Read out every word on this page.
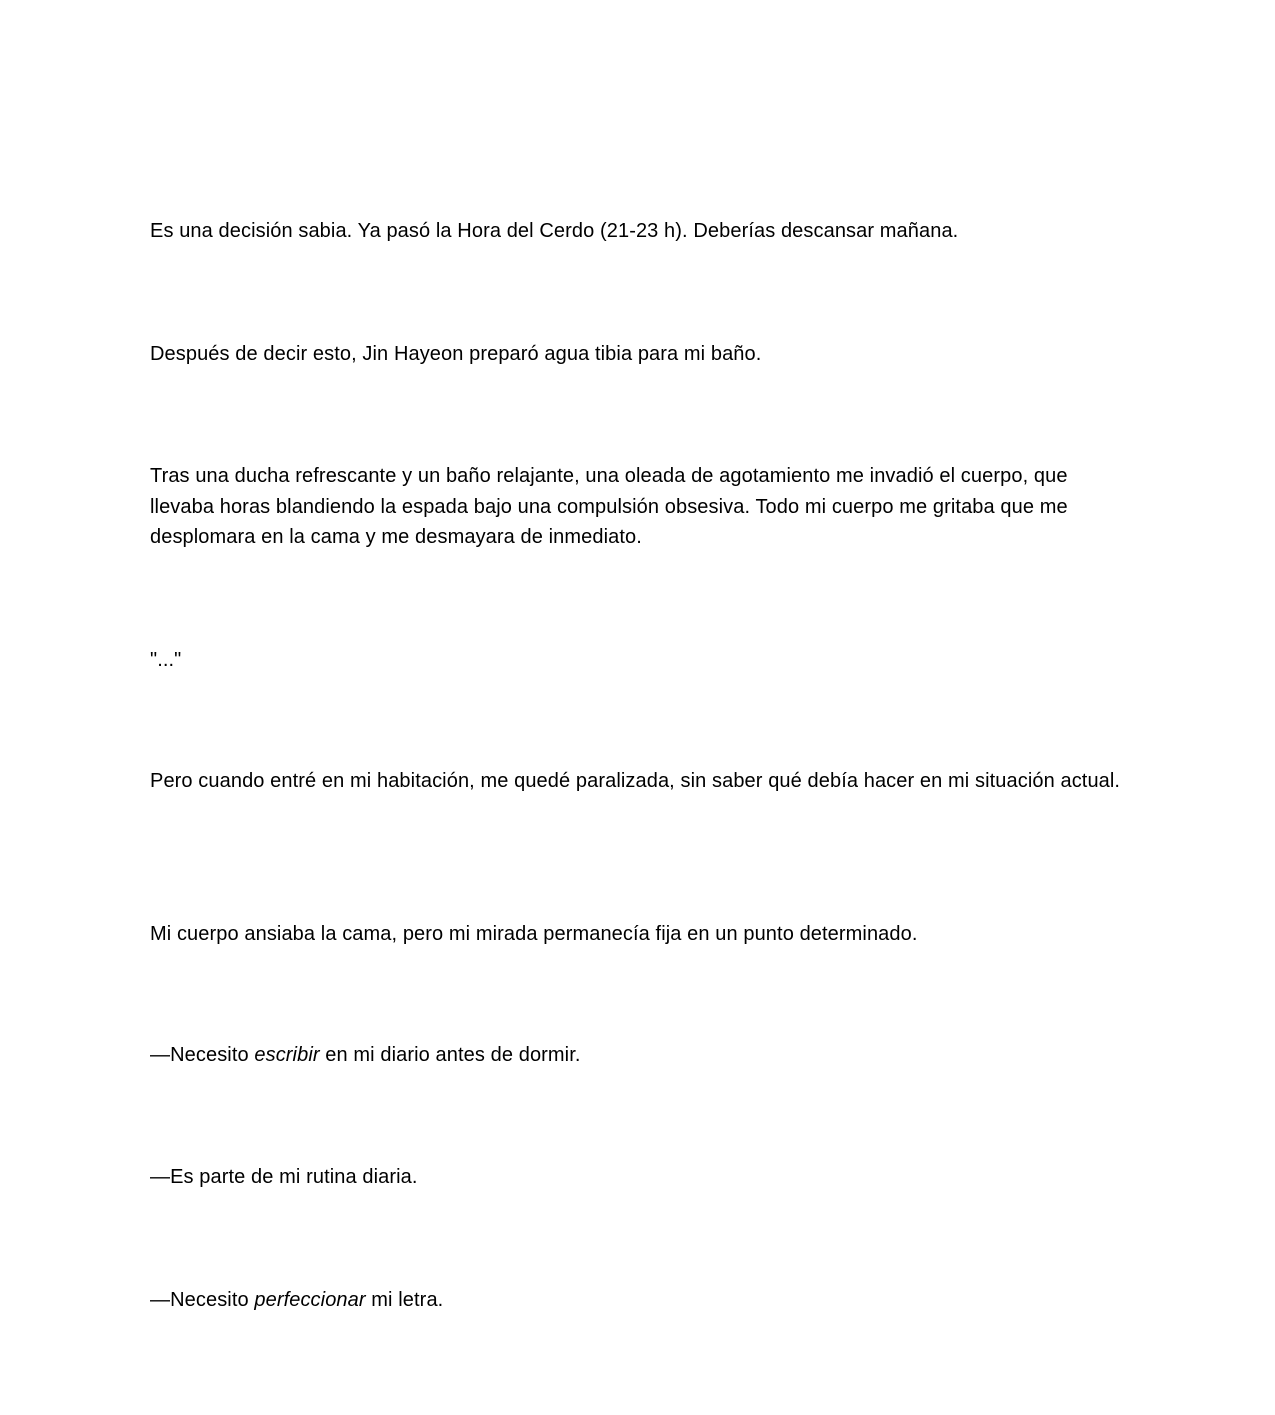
Es una decisión sabia. Ya pasó la Hora del Cerdo (21-23 h). Deberías descansar mañana.

Después de decir esto, Jin Hayeon preparó agua tibia para mi baño.

Tras una ducha refrescante y un baño relajante, una oleada de agotamiento me invadió el cuerpo, que llevaba horas blandiendo la espada bajo una compulsión obsesiva. Todo mi cuerpo me gritaba que me desplomara en la cama y me desmayara de inmediato.

"..."

Pero cuando entré en mi habitación, me quedé paralizada, sin saber qué debía hacer en mi situación actual.

Mi cuerpo ansiaba la cama, pero mi mirada permanecía fija en un punto determinado.

—Necesito escribir en mi diario antes de dormir.

—Es parte de mi rutina diaria.

—Necesito perfeccionar mi letra.
